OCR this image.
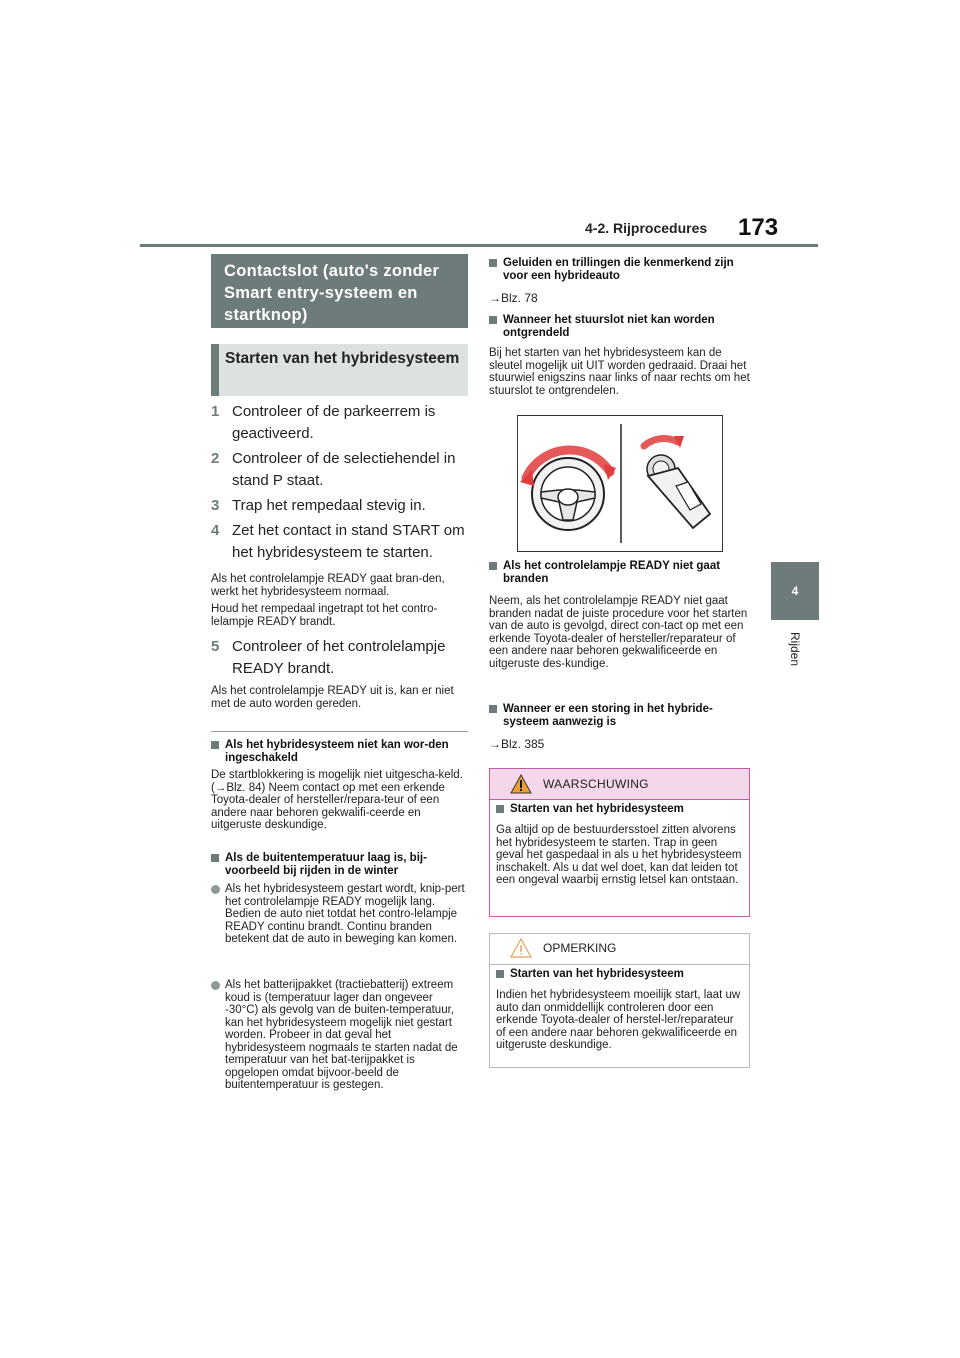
4-2. Rijprocedures 173
4
Rijden
Contactslot (auto's zonder Smart entry-systeem en startknop)
Starten van het hybridesysteem
1 Controleer of de parkeerrem is geactiveerd.
2 Controleer of de selectiehendel in stand P staat.
3 Trap het rempedaal stevig in.
4 Zet het contact in stand START om het hybridesysteem te starten.
Als het controlelampje READY gaat bran-den, werkt het hybridesysteem normaal.
Houd het rempedaal ingetrapt tot het contro-lelampje READY brandt.
5 Controleer of het controlelampje READY brandt.
Als het controlelampje READY uit is, kan er niet met de auto worden gereden.
Als het hybridesysteem niet kan wor-den ingeschakeld
De startblokkering is mogelijk niet uitgescha-keld. (→Blz. 84) Neem contact op met een erkende Toyota-dealer of hersteller/repara-teur of een andere naar behoren gekwalifi-ceerde en uitgeruste deskundige.
Als de buitentemperatuur laag is, bij-voorbeeld bij rijden in de winter
Als het hybridesysteem gestart wordt, knip-pert het controlelampje READY mogelijk lang. Bedien de auto niet totdat het contro-lelampje READY continu brandt. Continu branden betekent dat de auto in beweging kan komen.
Als het batterijpakket (tractiebatterij) extreem koud is (temperatuur lager dan ongeveer -30°C) als gevolg van de buiten-temperatuur, kan het hybridesysteem mogelijk niet gestart worden. Probeer in dat geval het hybridesysteem nogmaals te starten nadat de temperatuur van het bat-terijpakket is opgelopen omdat bijvoor-beeld de buitentemperatuur is gestegen.
Geluiden en trillingen die kenmerkend zijn voor een hybrideauto
→Blz. 78
Wanneer het stuurslot niet kan worden ontgrendeld
Bij het starten van het hybridesysteem kan de sleutel mogelijk uit UIT worden gedraaid. Draai het stuurwiel enigszins naar links of naar rechts om het stuurslot te ontgrendelen.
Als het controlelampje READY niet gaat branden
Neem, als het controlelampje READY niet gaat branden nadat de juiste procedure voor het starten van de auto is gevolgd, direct con-tact op met een erkende Toyota-dealer of hersteller/reparateur of een andere naar behoren gekwalificeerde en uitgeruste des-kundige.
Wanneer er een storing in het hybride-systeem aanwezig is
→Blz. 385
WAARSCHUWING
Starten van het hybridesysteem
Ga altijd op de bestuurdersstoel zitten alvorens het hybridesysteem te starten. Trap in geen geval het gaspedaal in als u het hybridesysteem inschakelt. Als u dat wel doet, kan dat leiden tot een ongeval waarbij ernstig letsel kan ontstaan.
OPMERKING
Starten van het hybridesysteem
Indien het hybridesysteem moeilijk start, laat uw auto dan onmiddellijk controleren door een erkende Toyota-dealer of herstel-ler/reparateur of een andere naar behoren gekwalificeerde en uitgeruste deskundige.
